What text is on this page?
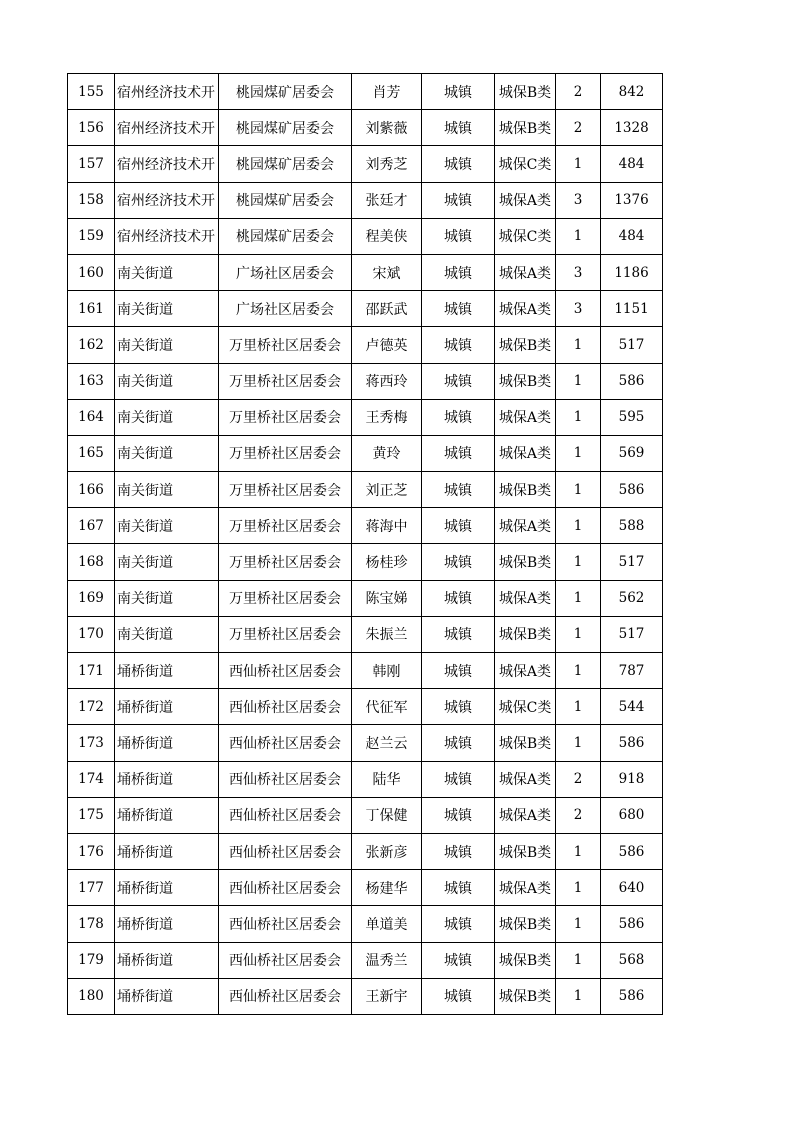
155	宿州经济技术开	桃园煤矿居委会	肖芳	城镇	城保B类	2	842
156	宿州经济技术开	桃园煤矿居委会	刘紫薇	城镇	城保B类	2	1328
157	宿州经济技术开	桃园煤矿居委会	刘秀芝	城镇	城保C类	1	484
158	宿州经济技术开	桃园煤矿居委会	张廷才	城镇	城保A类	3	1376
159	宿州经济技术开	桃园煤矿居委会	程美侠	城镇	城保C类	1	484
160	南关街道	广场社区居委会	宋斌	城镇	城保A类	3	1186
161	南关街道	广场社区居委会	邵跃武	城镇	城保A类	3	1151
162	南关街道	万里桥社区居委会	卢德英	城镇	城保B类	1	517
163	南关街道	万里桥社区居委会	蒋西玲	城镇	城保B类	1	586
164	南关街道	万里桥社区居委会	王秀梅	城镇	城保A类	1	595
165	南关街道	万里桥社区居委会	黄玲	城镇	城保A类	1	569
166	南关街道	万里桥社区居委会	刘正芝	城镇	城保B类	1	586
167	南关街道	万里桥社区居委会	蒋海中	城镇	城保A类	1	588
168	南关街道	万里桥社区居委会	杨桂珍	城镇	城保B类	1	517
169	南关街道	万里桥社区居委会	陈宝娣	城镇	城保A类	1	562
170	南关街道	万里桥社区居委会	朱振兰	城镇	城保B类	1	517
171	埇桥街道	西仙桥社区居委会	韩刚	城镇	城保A类	1	787
172	埇桥街道	西仙桥社区居委会	代征军	城镇	城保C类	1	544
173	埇桥街道	西仙桥社区居委会	赵兰云	城镇	城保B类	1	586
174	埇桥街道	西仙桥社区居委会	陆华	城镇	城保A类	2	918
175	埇桥街道	西仙桥社区居委会	丁保健	城镇	城保A类	2	680
176	埇桥街道	西仙桥社区居委会	张新彦	城镇	城保B类	1	586
177	埇桥街道	西仙桥社区居委会	杨建华	城镇	城保A类	1	640
178	埇桥街道	西仙桥社区居委会	单道美	城镇	城保B类	1	586
179	埇桥街道	西仙桥社区居委会	温秀兰	城镇	城保B类	1	568
180	埇桥街道	西仙桥社区居委会	王新宇	城镇	城保B类	1	586
